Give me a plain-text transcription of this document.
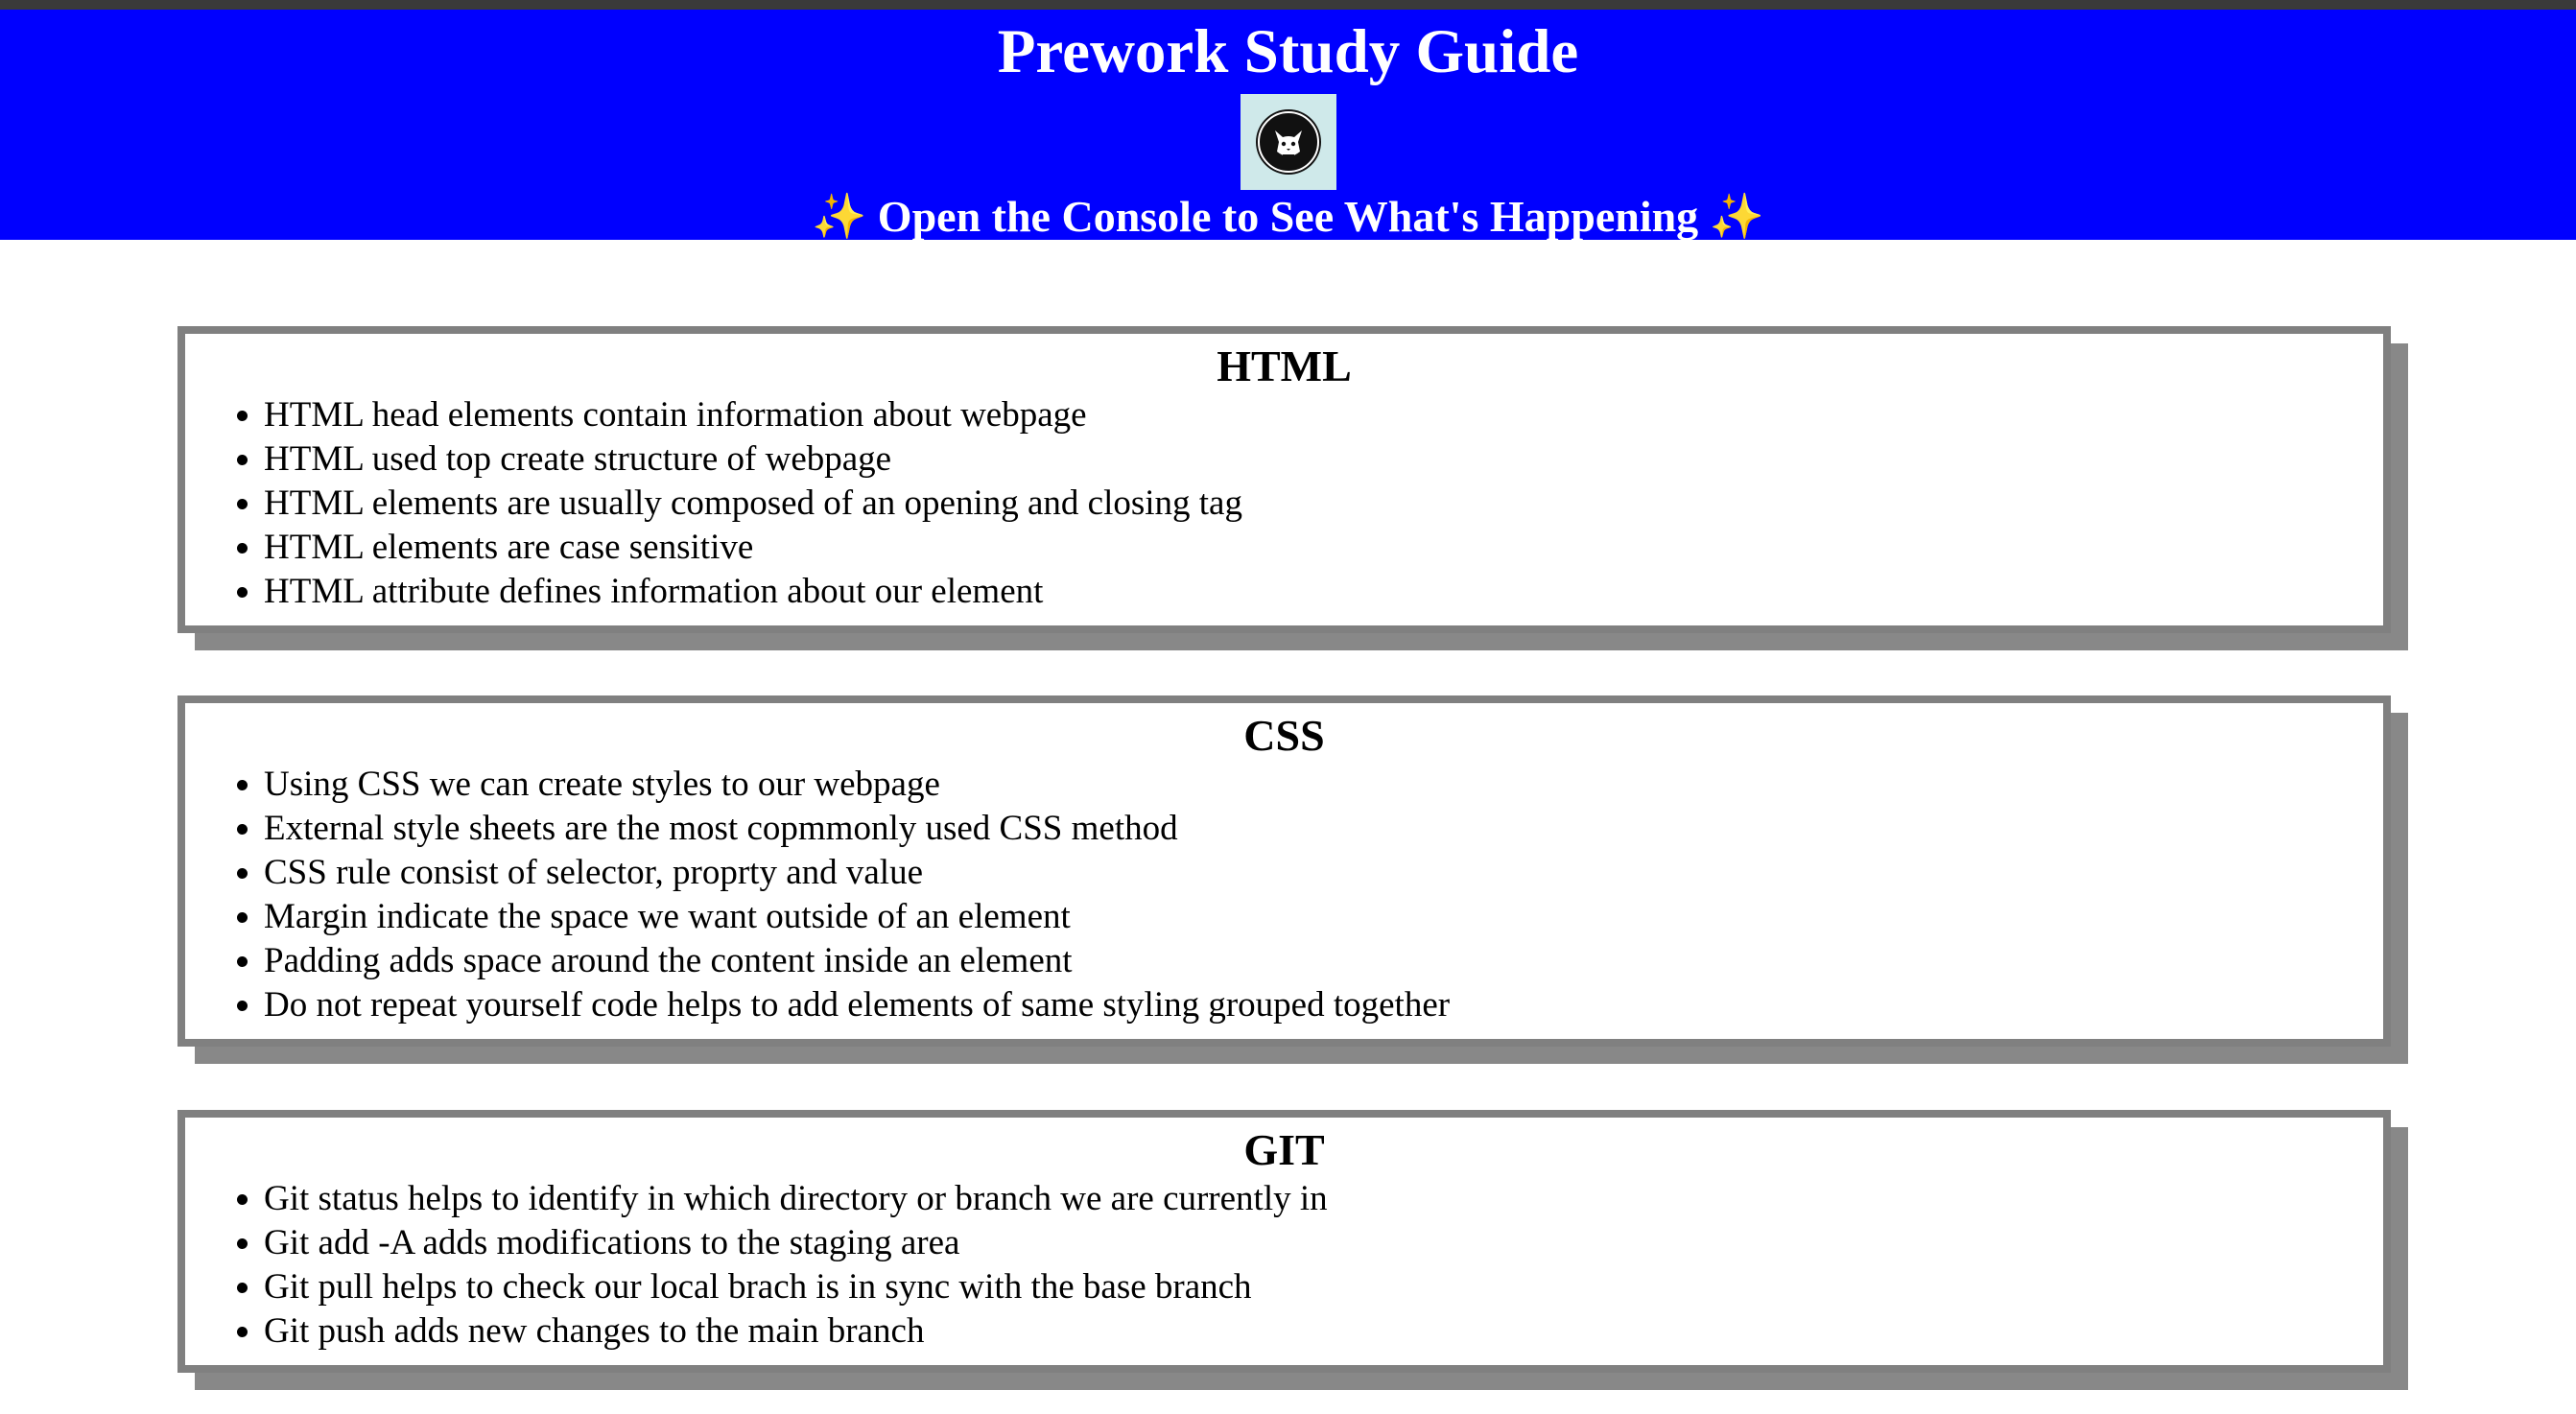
Prework Study Guide
✨ Open the Console to See What's Happening ✨
HTML
• HTML head elements contain information about webpage
• HTML used top create structure of webpage
• HTML elements are usually composed of an opening and closing tag
• HTML elements are case sensitive
• HTML attribute defines information about our element
CSS
• Using CSS we can create styles to our webpage
• External style sheets are the most copmmonly used CSS method
• CSS rule consist of selector, proprty and value
• Margin indicate the space we want outside of an element
• Padding adds space around the content inside an element
• Do not repeat yourself code helps to add elements of same styling grouped together
GIT
• Git status helps to identify in which directory or branch we are currently in
• Git add -A adds modifications to the staging area
• Git pull helps to check our local brach is in sync with the base branch
• Git push adds new changes to the main branch
